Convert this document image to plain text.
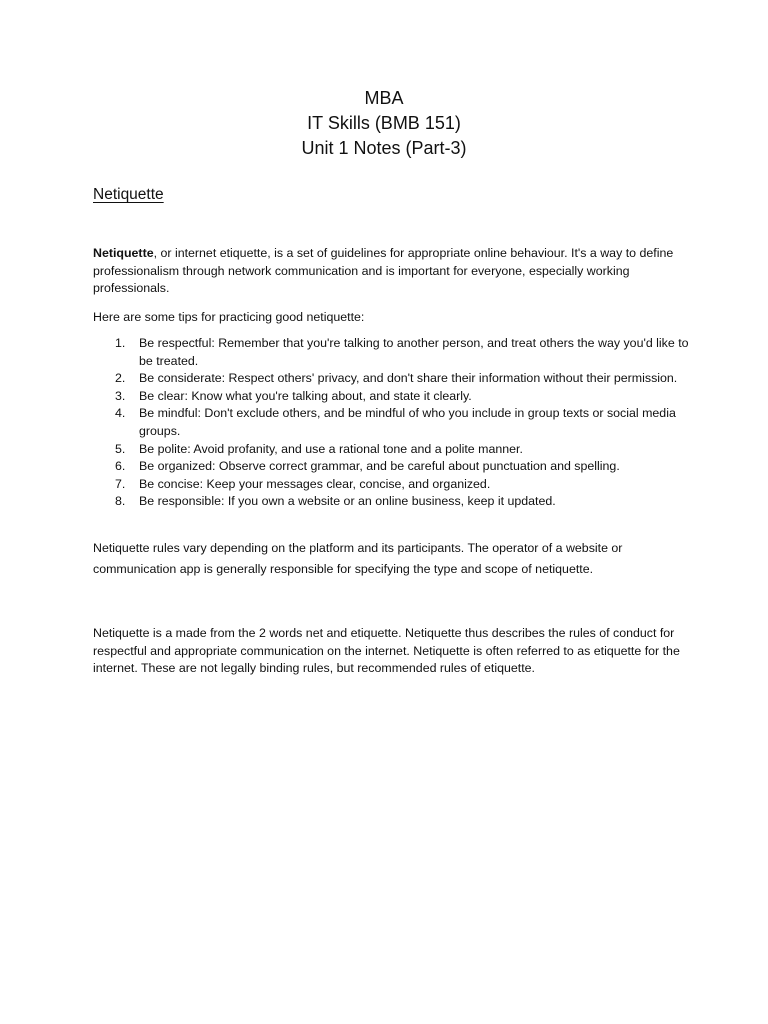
MBA
IT Skills (BMB 151)
Unit 1 Notes (Part-3)
Netiquette
Netiquette, or internet etiquette, is a set of guidelines for appropriate online behaviour. It's a way to define professionalism through network communication and is important for everyone, especially working professionals.
Here are some tips for practicing good netiquette:
1. Be respectful: Remember that you're talking to another person, and treat others the way you'd like to be treated.
2. Be considerate: Respect others' privacy, and don't share their information without their permission.
3. Be clear: Know what you're talking about, and state it clearly.
4. Be mindful: Don't exclude others, and be mindful of who you include in group texts or social media groups.
5. Be polite: Avoid profanity, and use a rational tone and a polite manner.
6. Be organized: Observe correct grammar, and be careful about punctuation and spelling.
7. Be concise: Keep your messages clear, concise, and organized.
8. Be responsible: If you own a website or an online business, keep it updated.
Netiquette rules vary depending on the platform and its participants. The operator of a website or communication app is generally responsible for specifying the type and scope of netiquette.
Netiquette is a made from the 2 words net and etiquette. Netiquette thus describes the rules of conduct for respectful and appropriate communication on the internet. Netiquette is often referred to as etiquette for the internet. These are not legally binding rules, but recommended rules of etiquette.
